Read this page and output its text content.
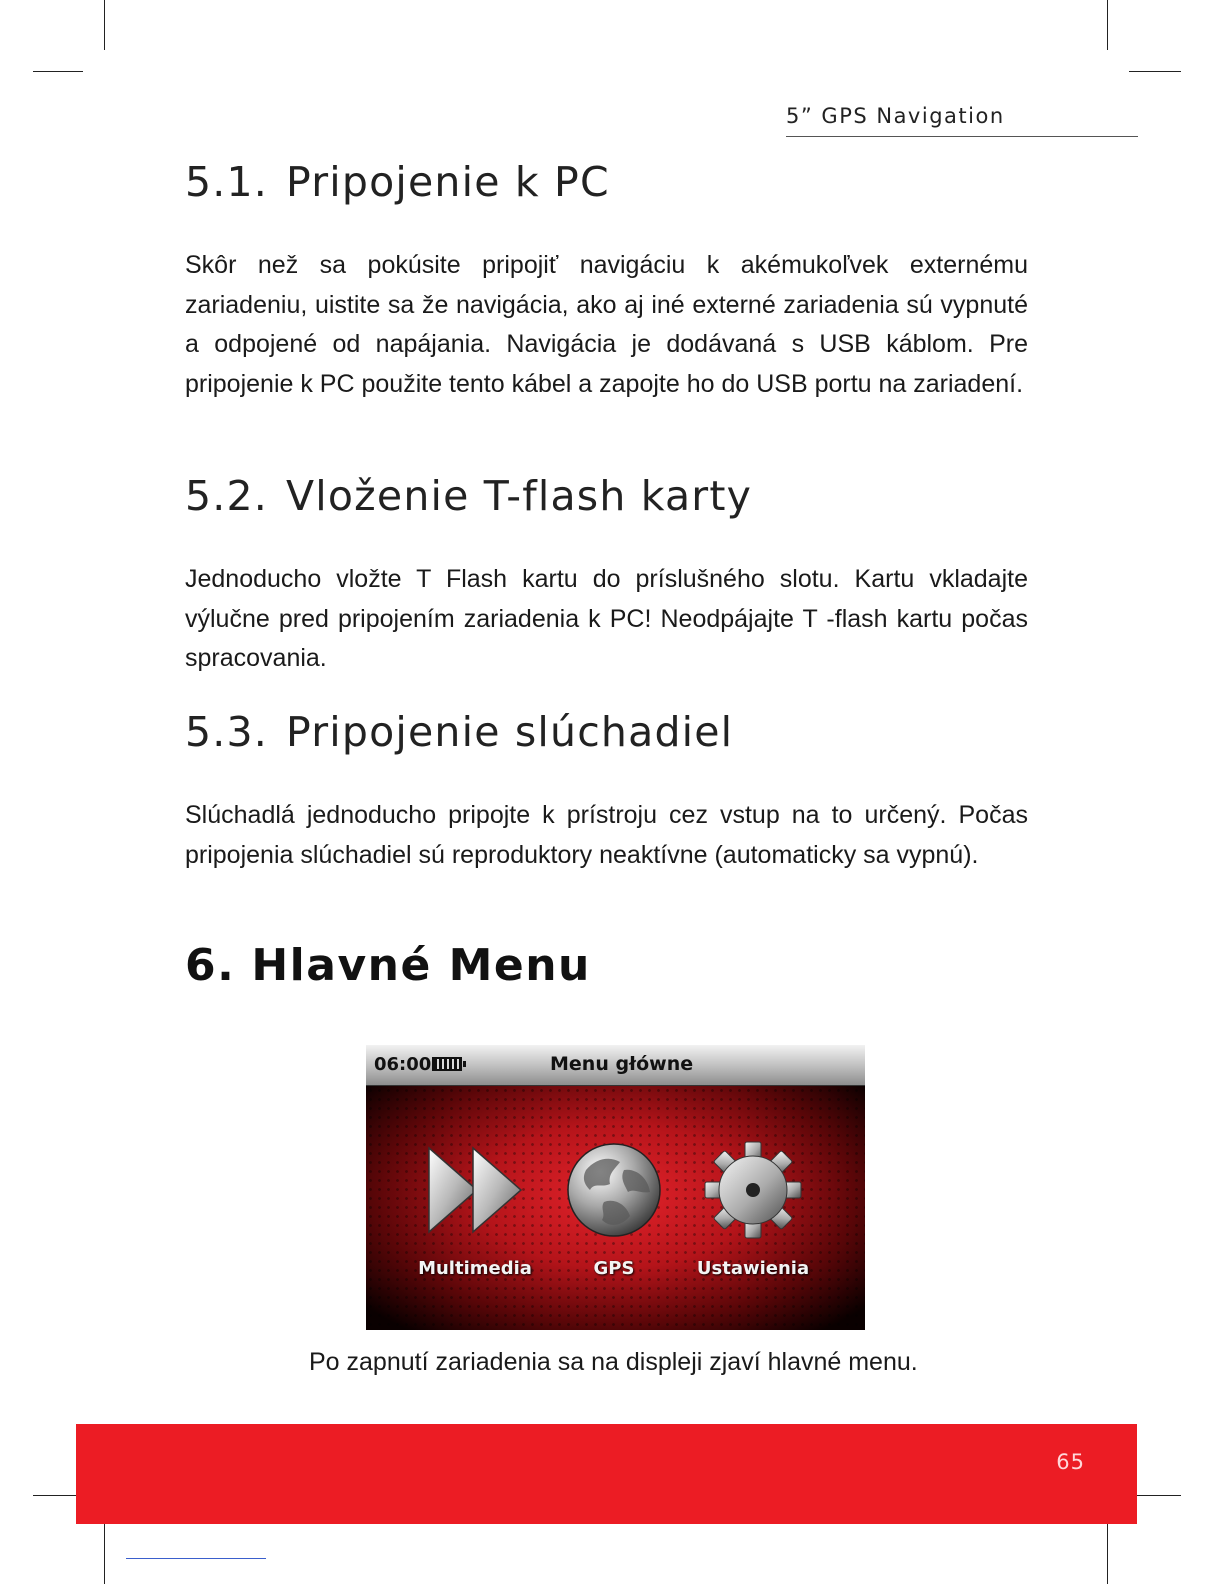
5” GPS Navigation
5.1. Pripojenie k PC

Skôr než sa pokúsite pripojiť navigáciu k akémukoľvek externému zariadeniu, uistite sa že navigácia, ako aj iné externé zariadenia sú vypnuté a odpojené od napájania. Navigácia je dodávaná s USB káblom. Pre pripojenie k PC použite tento kábel a zapojte ho do USB portu na zariadení.

5.2. Vloženie T-flash karty

Jednoducho vložte T Flash kartu do príslušného slotu. Kartu vkladajte výlučne pred pripojením zariadenia k PC! Neodpájajte T -flash kartu počas spracovania.

5.3. Pripojenie slúchadiel

Slúchadlá jednoducho pripojte k prístroju cez vstup na to určený. Počas pripojenia slúchadiel sú reproduktory neaktívne (automaticky sa vypnú).

6. Hlavné Menu
06:00	Menu główne
Multimedia	GPS	Ustawienia

Po zapnutí zariadenia sa na displeji zjaví hlavné menu.

65
